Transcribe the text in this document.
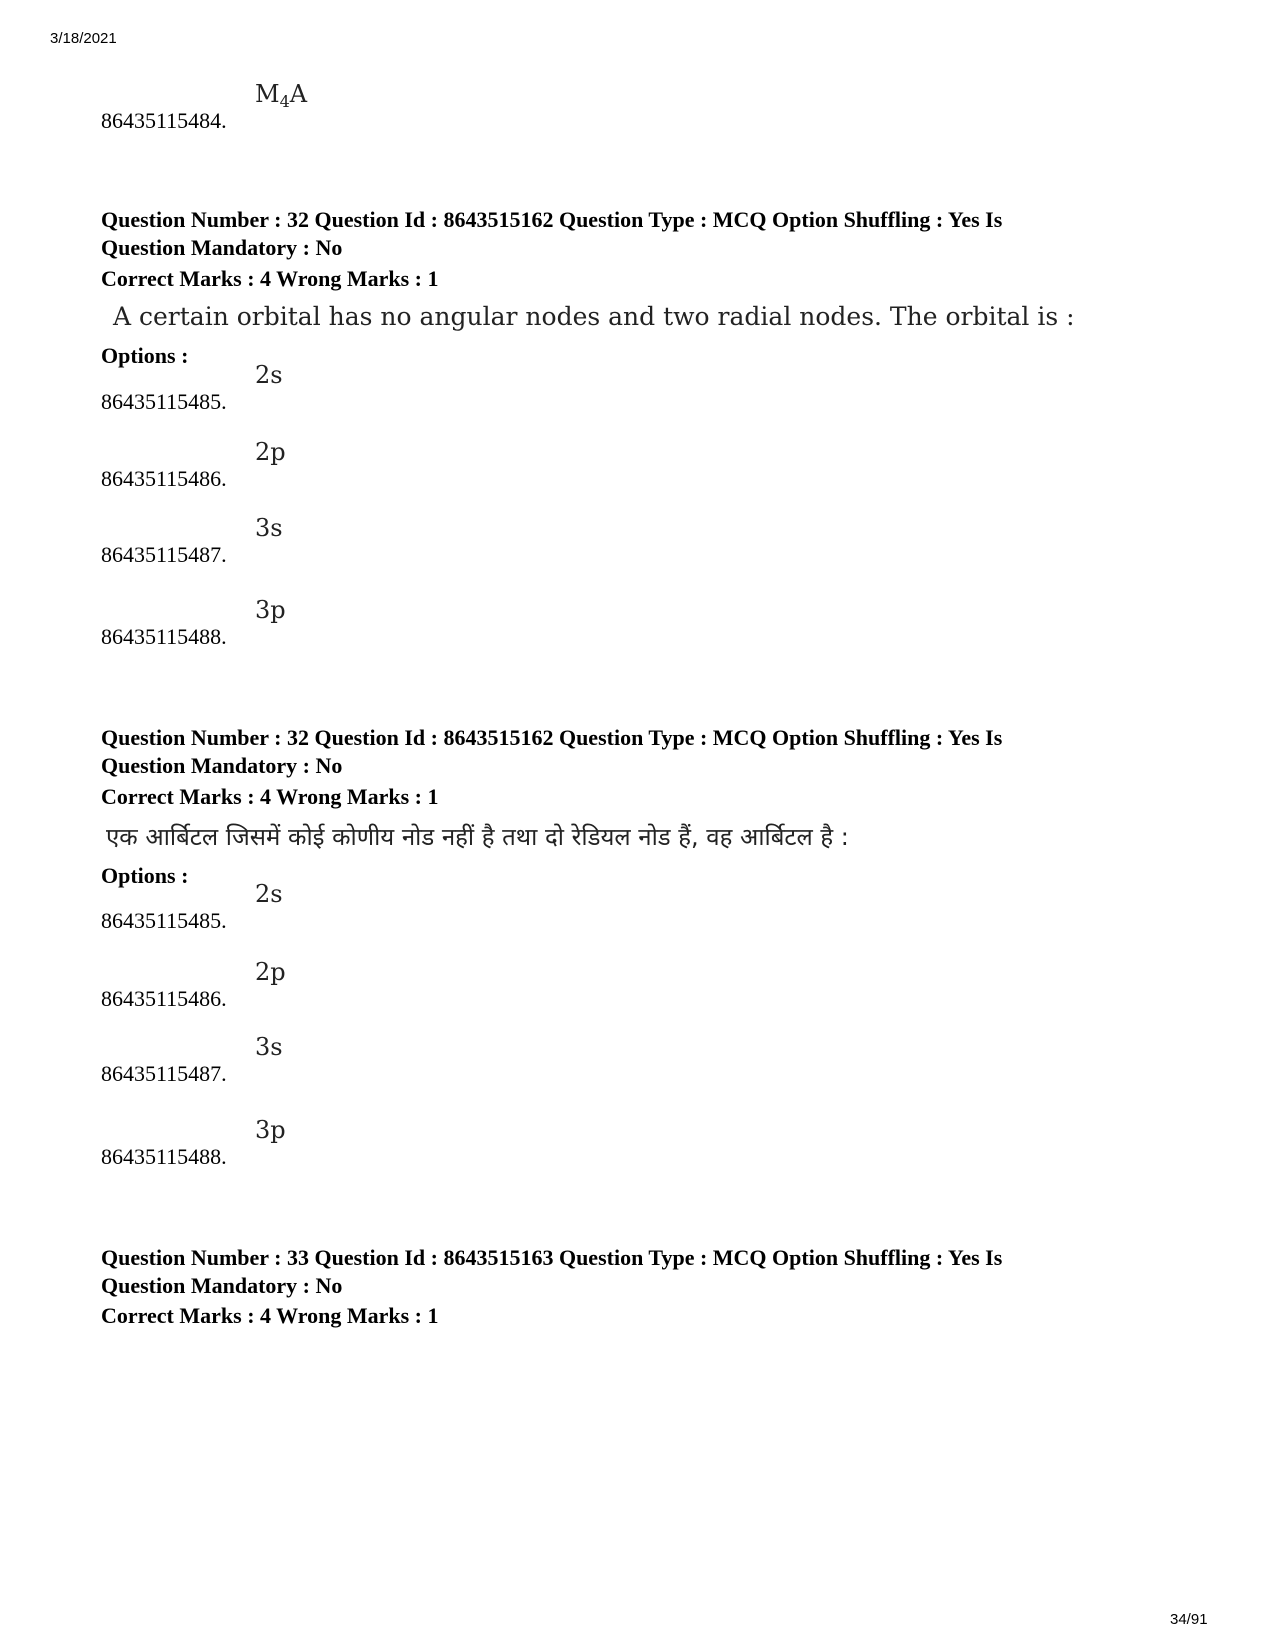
3/18/2021
86435115484.
$M_4A$
Question Number : 32 Question Id : 8643515162 Question Type : MCQ Option Shuffling : Yes Is
Question Mandatory : No
Correct Marks : 4 Wrong Marks : 1
A certain orbital has no angular nodes and two radial nodes. The orbital is :
Options :
86435115485.
2s
86435115486.
2p
86435115487.
3s
86435115488.
3p
Question Number : 32 Question Id : 8643515162 Question Type : MCQ Option Shuffling : Yes Is
Question Mandatory : No
Correct Marks : 4 Wrong Marks : 1
एक आर्बिटल जिसमें कोई कोणीय नोड नहीं है तथा दो रेडियल नोड हैं, वह आर्बिटल है :
Options :
86435115485.
2s
86435115486.
2p
86435115487.
3s
86435115488.
3p
Question Number : 33 Question Id : 8643515163 Question Type : MCQ Option Shuffling : Yes Is
Question Mandatory : No
Correct Marks : 4 Wrong Marks : 1
34/91
